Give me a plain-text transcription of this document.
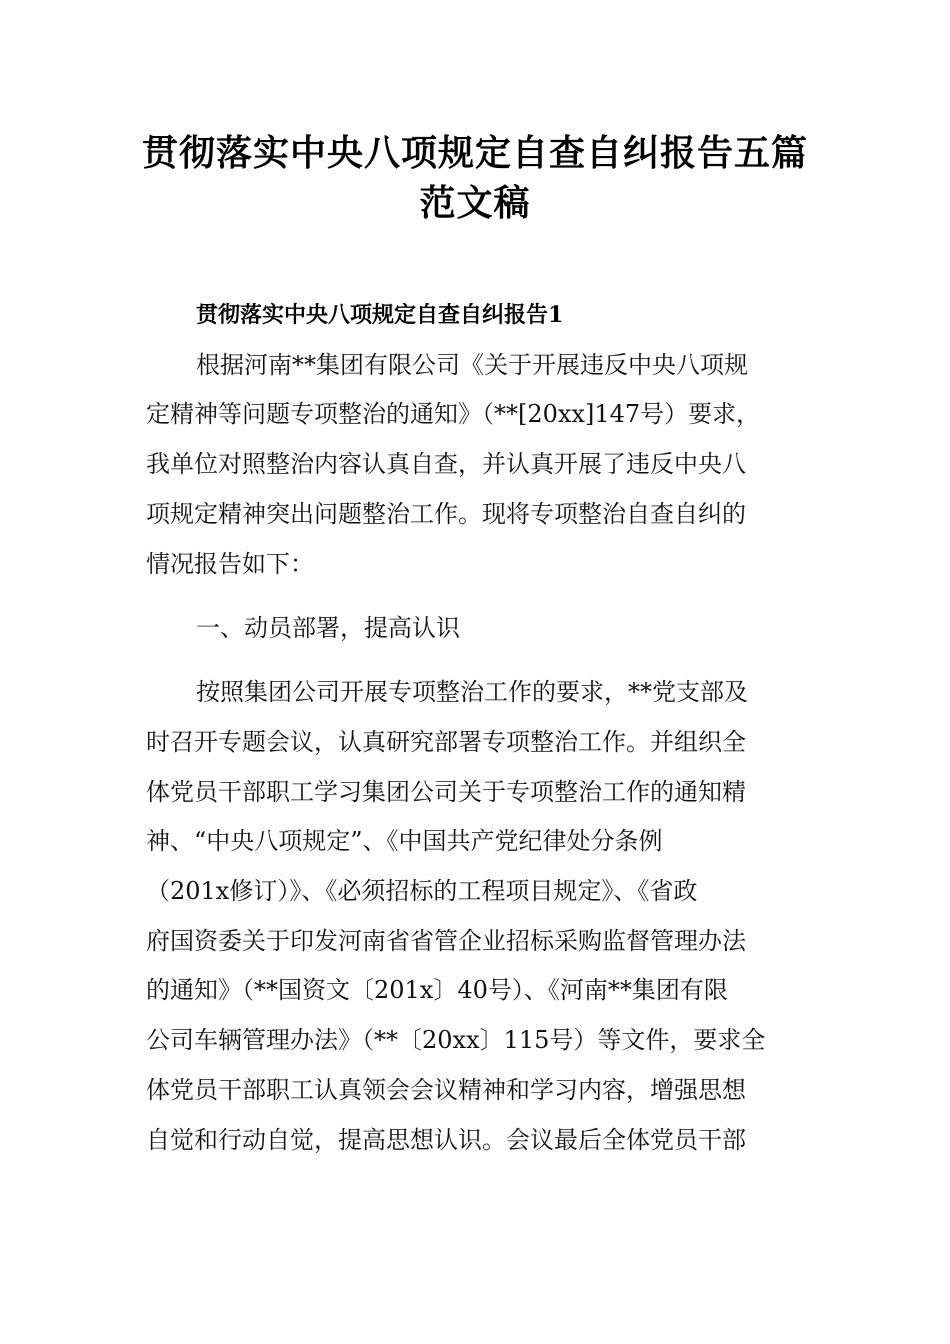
贯彻落实中央八项规定自查自纠报告五篇
范文稿
贯彻落实中央八项规定自查自纠报告1
根据河南**集团有限公司《关于开展违反中央八项规
定精神等问题专项整治的通知》（**[20xx]147号）要求，
我单位对照整治内容认真自查，并认真开展了违反中央八
项规定精神突出问题整治工作。现将专项整治自查自纠的
情况报告如下：
一、动员部署，提高认识
按照集团公司开展专项整治工作的要求，**党支部及
时召开专题会议，认真研究部署专项整治工作。并组织全
体党员干部职工学习集团公司关于专项整治工作的通知精
神、“中央八项规定”、《中国共产党纪律处分条例
（201x修订）》、《必须招标的工程项目规定》、《省政
府国资委关于印发河南省省管企业招标采购监督管理办法
的通知》（**国资文〔201x〕40号）、《河南**集团有限
公司车辆管理办法》（**〔20xx〕115号）等文件，要求全
体党员干部职工认真领会会议精神和学习内容，增强思想
自觉和行动自觉，提高思想认识。会议最后全体党员干部
